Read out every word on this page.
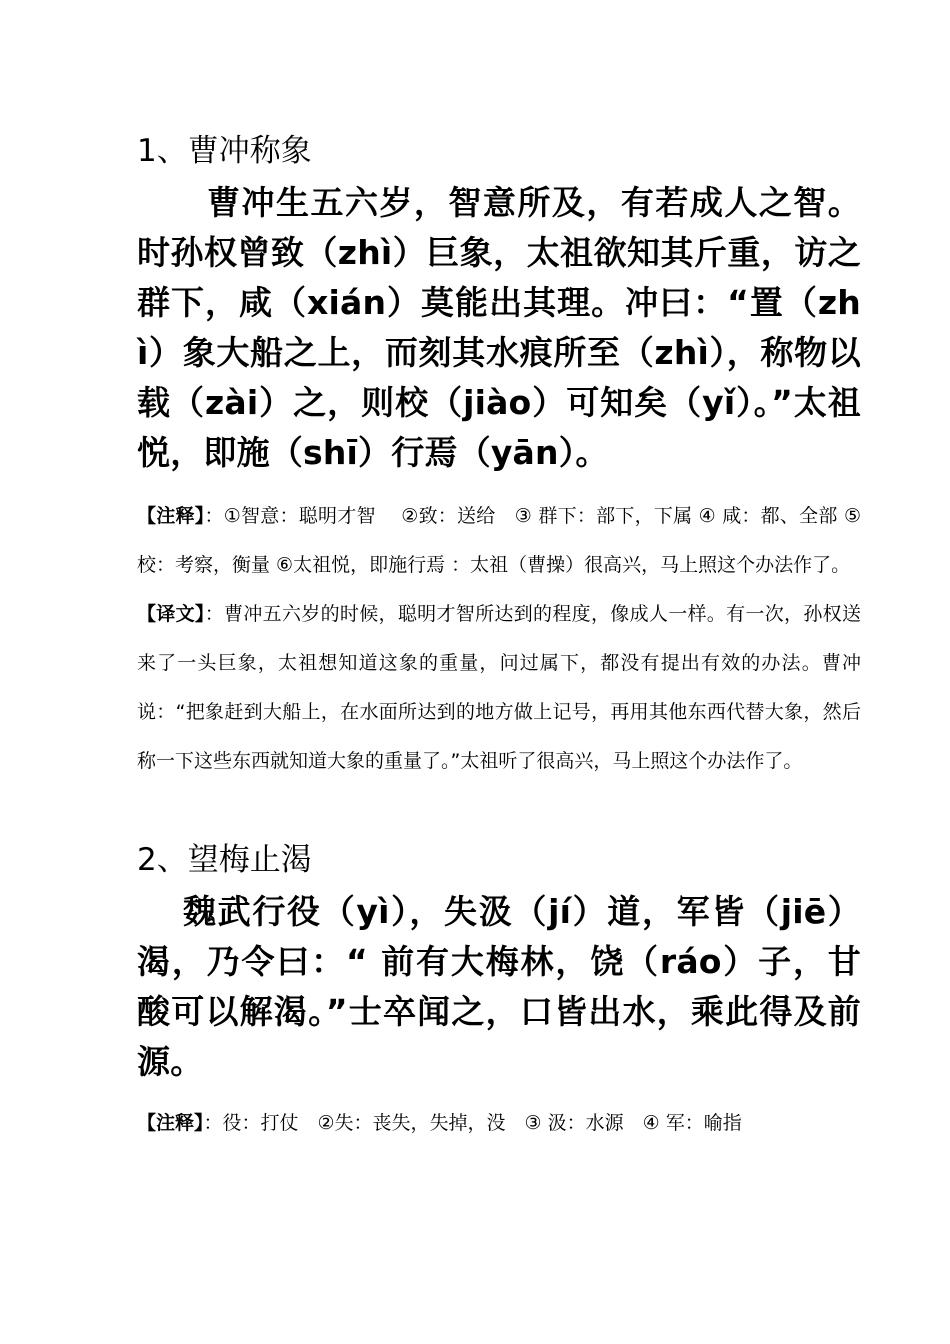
1、曹冲称象

曹冲生五六岁，智意所及，有若成人之智。时孙权曾致（zhì）巨象，太祖欲知其斤重，访之群下，咸（xián）莫能出其理。冲曰：“置（zhì）象大船之上，而刻其水痕所至（zhì），称物以载（zài）之，则校（jiào）可知矣（yǐ）。”太祖悦，即施（shī）行焉（yān）。

【注释】：①智意：聪明才智　 ②致：送给　③ 群下：部下，下属 ④ 咸：都、全部 ⑤ 校：考察，衡量 ⑥太祖悦，即施行焉 ：太祖（曹操）很高兴，马上照这个办法作了。

【译文】：曹冲五六岁的时候，聪明才智所达到的程度，像成人一样。有一次，孙权送来了一头巨象，太祖想知道这象的重量，问过属下，都没有提出有效的办法。曹冲说：“把象赶到大船上，在水面所达到的地方做上记号，再用其他东西代替大象，然后称一下这些东西就知道大象的重量了。”太祖听了很高兴，马上照这个办法作了。

2、望梅止渴

魏武行役（yì），失汲（jí）道，军皆（jiē）渴，乃令曰：“ 前有大梅林，饶（ráo）子，甘酸可以解渴。”士卒闻之，口皆出水，乘此得及前源。

【注释】：役：打仗　②失：丧失，失掉，没　③ 汲：水源　④ 军：喻指
